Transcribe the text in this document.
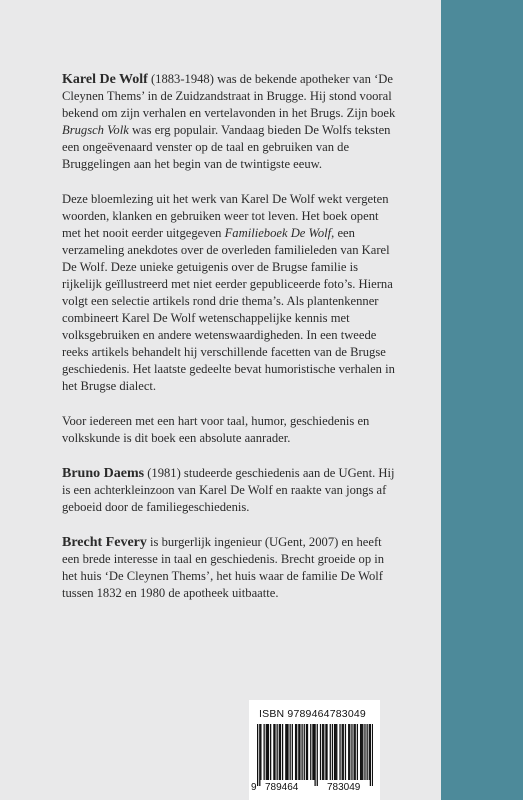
Karel De Wolf (1883-1948) was de bekende apotheker van ‘De Cleynen Thems’ in de Zuidzandstraat in Brugge. Hij stond vooral bekend om zijn verhalen en vertelavonden in het Brugs. Zijn boek Brugsch Volk was erg populair. Vandaag bieden De Wolfs teksten een ongeëvenaard venster op de taal en gebruiken van de Bruggelingen aan het begin van de twintigste eeuw.

Deze bloemlezing uit het werk van Karel De Wolf wekt vergeten woorden, klanken en gebruiken weer tot leven. Het boek opent met het nooit eerder uitgegeven Familieboek De Wolf, een verzameling anekdotes over de overleden familieleden van Karel De Wolf. Deze unieke getuigenis over de Brugse familie is rijkelijk geïllustreerd met niet eerder gepubliceerde foto’s. Hierna volgt een selectie artikels rond drie thema’s. Als plantenkenner combineert Karel De Wolf wetenschappelijke kennis met volksgebruiken en andere wetenswaardigheden. In een tweede reeks artikels behandelt hij verschillende facetten van de Brugse geschiedenis. Het laatste gedeelte bevat humoristische verhalen in het Brugse dialect.

Voor iedereen met een hart voor taal, humor, geschiedenis en volkskunde is dit boek een absolute aanrader.

Bruno Daems (1981) studeerde geschiedenis aan de UGent. Hij is een achterkleinzoon van Karel De Wolf en raakte van jongs af geboeid door de familiegeschiedenis.

Brecht Fevery is burgerlijk ingenieur (UGent, 2007) en heeft een brede interesse in taal en geschiedenis. Brecht groeide op in het huis ‘De Cleynen Thems’, het huis waar de familie De Wolf tussen 1832 en 1980 de apotheek uitbaatte.

ISBN 9789464783049
9 789464	783049
